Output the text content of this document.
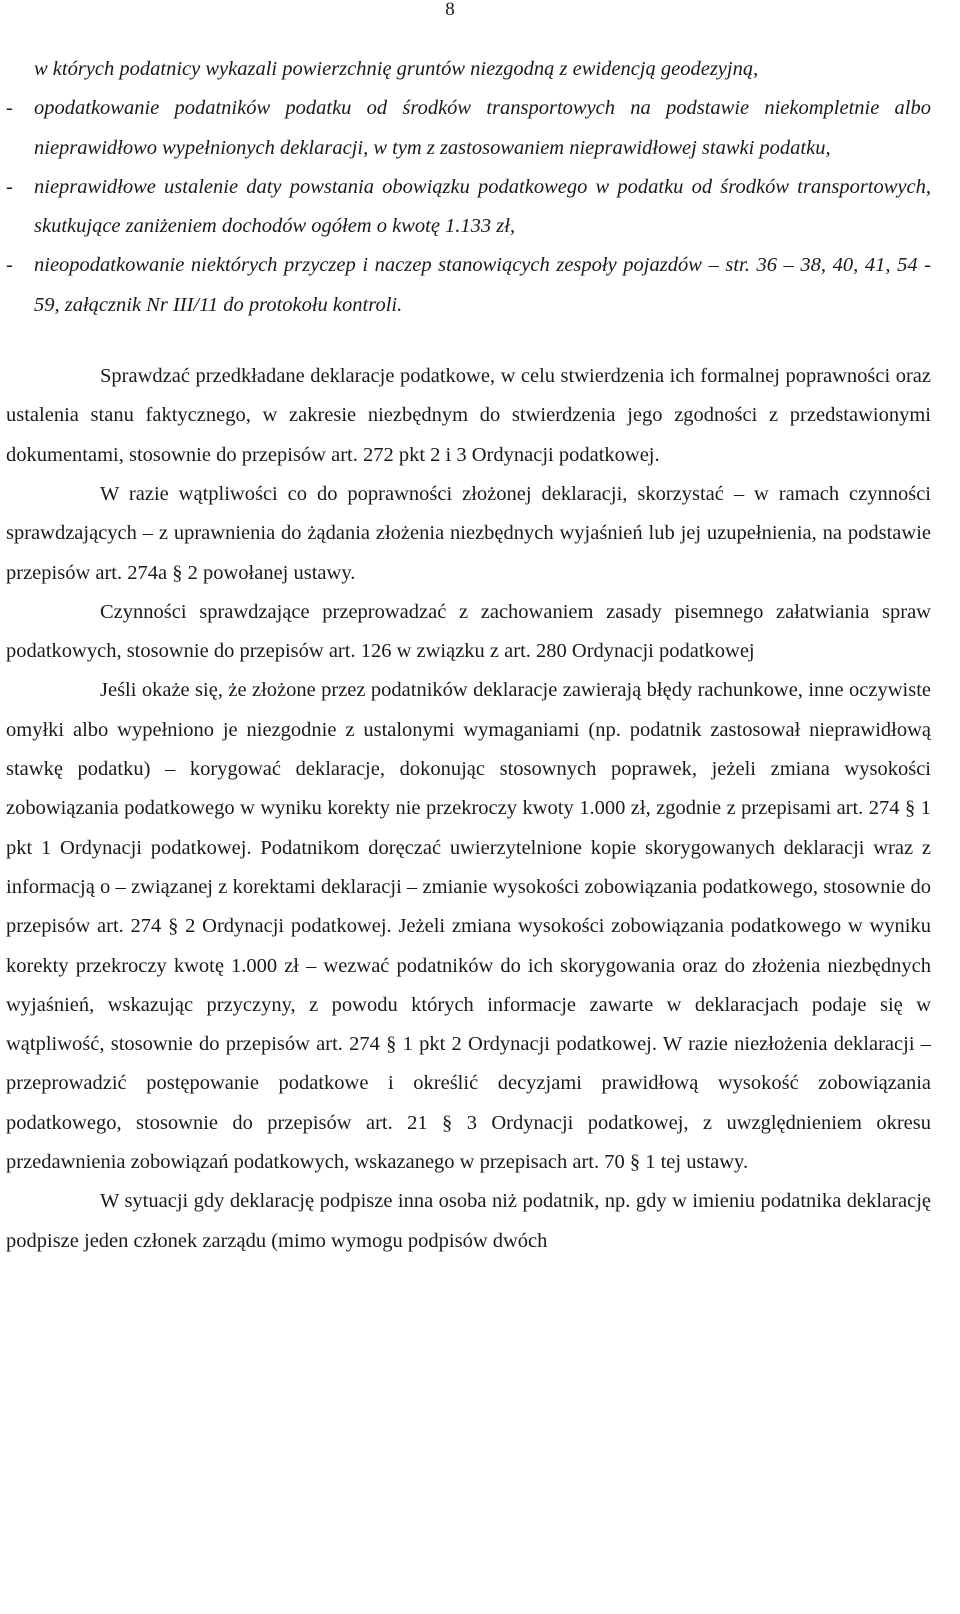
8

w których podatnicy wykazali powierzchnię gruntów niezgodną z ewidencją geodezyjną,

- opodatkowanie podatników podatku od środków transportowych na podstawie niekompletnie albo nieprawidłowo wypełnionych deklaracji, w tym z zastosowaniem nieprawidłowej stawki podatku,

- nieprawidłowe ustalenie daty powstania obowiązku podatkowego w podatku od środków transportowych, skutkujące zaniżeniem dochodów ogółem o kwotę 1.133 zł,

- nieopodatkowanie niektórych przyczep i naczep stanowiących zespoły pojazdów – str. 36 – 38, 40, 41, 54 - 59, załącznik Nr III/11 do protokołu kontroli.

Sprawdzać przedkładane deklaracje podatkowe, w celu stwierdzenia ich formalnej poprawności oraz ustalenia stanu faktycznego, w zakresie niezbędnym do stwierdzenia jego zgodności z przedstawionymi dokumentami, stosownie do przepisów art. 272 pkt 2 i 3 Ordynacji podatkowej.

W razie wątpliwości co do poprawności złożonej deklaracji, skorzystać – w ramach czynności sprawdzających – z uprawnienia do żądania złożenia niezbędnych wyjaśnień lub jej uzupełnienia, na podstawie przepisów art. 274a § 2 powołanej ustawy.

Czynności sprawdzające przeprowadzać z zachowaniem zasady pisemnego załatwiania spraw podatkowych, stosownie do przepisów art. 126 w związku z art. 280 Ordynacji podatkowej

Jeśli okaże się, że złożone przez podatników deklaracje zawierają błędy rachunkowe, inne oczywiste omyłki albo wypełniono je niezgodnie z ustalonymi wymaganiami (np. podatnik zastosował nieprawidłową stawkę podatku) – korygować deklaracje, dokonując stosownych poprawek, jeżeli zmiana wysokości zobowiązania podatkowego w wyniku korekty nie przekroczy kwoty 1.000 zł, zgodnie z przepisami art. 274 § 1 pkt 1 Ordynacji podatkowej. Podatnikom doręczać uwierzytelnione kopie skorygowanych deklaracji wraz z informacją o – związanej z korektami deklaracji – zmianie wysokości zobowiązania podatkowego, stosownie do przepisów art. 274 § 2 Ordynacji podatkowej. Jeżeli zmiana wysokości zobowiązania podatkowego w wyniku korekty przekroczy kwotę 1.000 zł – wezwać podatników do ich skorygowania oraz do złożenia niezbędnych wyjaśnień, wskazując przyczyny, z powodu których informacje zawarte w deklaracjach podaje się w wątpliwość, stosownie do przepisów art. 274 § 1 pkt 2 Ordynacji podatkowej. W razie niezłożenia deklaracji – przeprowadzić postępowanie podatkowe i określić decyzjami prawidłową wysokość zobowiązania podatkowego, stosownie do przepisów art. 21 § 3 Ordynacji podatkowej, z uwzględnieniem okresu przedawnienia zobowiązań podatkowych, wskazanego w przepisach art. 70 § 1 tej ustawy.

W sytuacji gdy deklarację podpisze inna osoba niż podatnik, np. gdy w imieniu podatnika deklarację podpisze jeden członek zarządu (mimo wymogu podpisów dwóch
